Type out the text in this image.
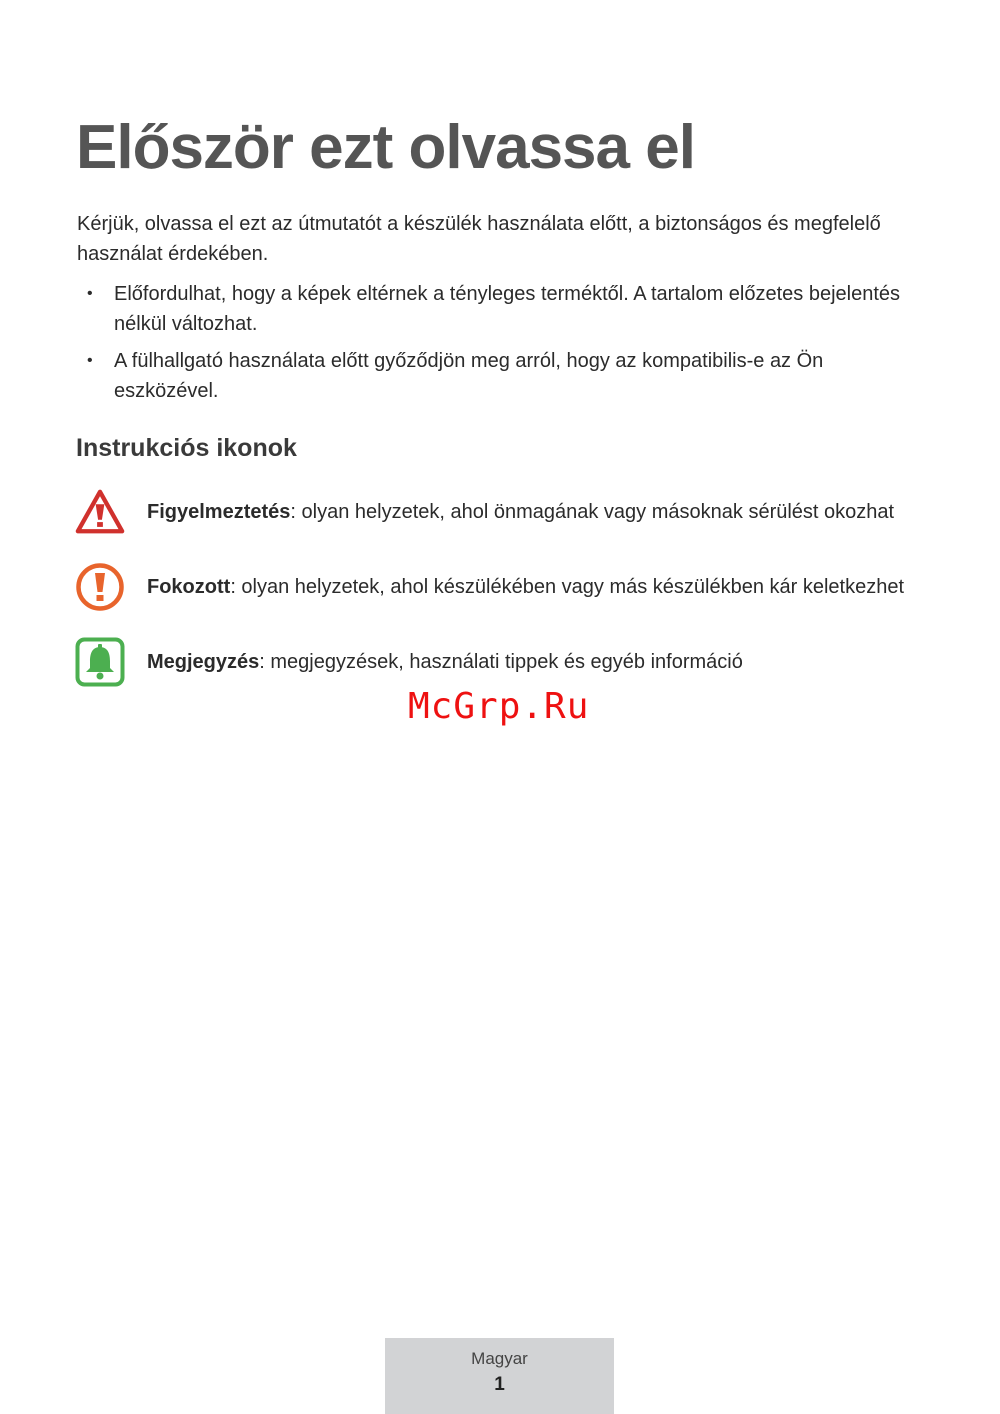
Először ezt olvassa el

Kérjük, olvassa el ezt az útmutatót a készülék használata előtt, a biztonságos és megfelelő használat érdekében.

• Előfordulhat, hogy a képek eltérnek a tényleges terméktől. A tartalom előzetes bejelentés nélkül változhat.
• A fülhallgató használata előtt győződjön meg arról, hogy az kompatibilis-e az Ön eszközével.
Instrukciós ikonok
Figyelmeztetés: olyan helyzetek, ahol önmagának vagy másoknak sérülést okozhat
Fokozott: olyan helyzetek, ahol készülékében vagy más készülékben kár keletkezhet
Megjegyzés: megjegyzések, használati tippek és egyéb információ
McGrp.Ru
Magyar
1
